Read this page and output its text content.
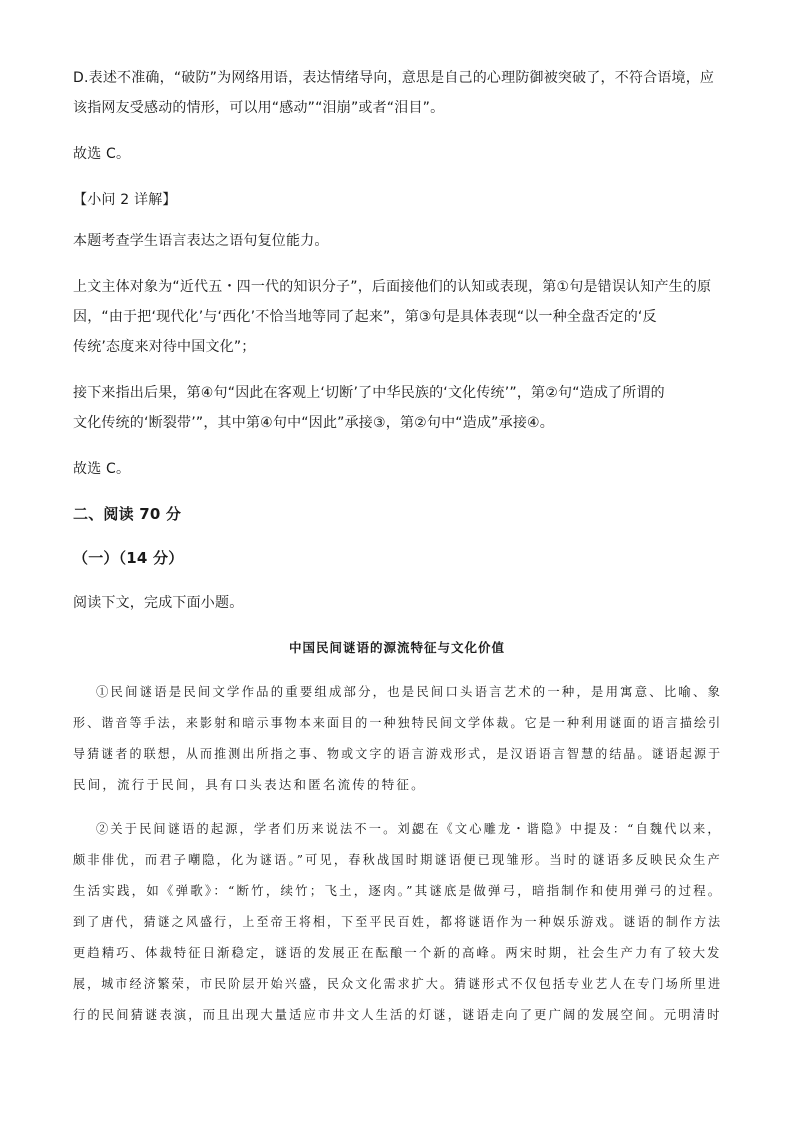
D.表述不准确，“破防”为网络用语，表达情绪导向，意思是自己的心理防御被突破了，不符合语境，应
该指网友受感动的情形，可以用“感动”“泪崩”或者“泪目”。
故选 C。
【小问 2 详解】
本题考查学生语言表达之语句复位能力。
上文主体对象为“近代五・四一代的知识分子”，后面接他们的认知或表现，第①句是错误认知产生的原
因，“由于把‘现代化’与‘西化’不恰当地等同了起来”，第③句是具体表现“以一种全盘否定的‘反
传统’态度来对待中国文化”；
接下来指出后果，第④句“因此在客观上‘切断’了中华民族的‘文化传统’”，第②句“造成了所谓的
文化传统的‘断裂带’”，其中第④句中“因此”承接③，第②句中“造成”承接④。
故选 C。
二、阅读 70 分
（一）（14 分）
阅读下文，完成下面小题。
中国民间谜语的源流特征与文化价值
①民间谜语是民间文学作品的重要组成部分，也是民间口头语言艺术的一种，是用寓意、比喻、象
形、谐音等手法，来影射和暗示事物本来面目的一种独特民间文学体裁。它是一种利用谜面的语言描绘引
导猜谜者的联想，从而推测出所指之事、物或文字的语言游戏形式，是汉语语言智慧的结晶。谜语起源于
民间，流行于民间，具有口头表达和匿名流传的特征。
②关于民间谜语的起源，学者们历来说法不一。刘勰在《文心雕龙・谐隐》中提及：“自魏代以来，
颇非俳优，而君子嘲隐，化为谜语。”可见，春秋战国时期谜语便已现雏形。当时的谜语多反映民众生产
生活实践，如《弹歌》：“断竹，续竹；飞土，逐肉。”其谜底是做弹弓，暗指制作和使用弹弓的过程。
到了唐代，猜谜之风盛行，上至帝王将相，下至平民百姓，都将谜语作为一种娱乐游戏。谜语的制作方法
更趋精巧、体裁特征日渐稳定，谜语的发展正在酝酿一个新的高峰。两宋时期，社会生产力有了较大发
展，城市经济繁荣，市民阶层开始兴盛，民众文化需求扩大。猜谜形式不仅包括专业艺人在专门场所里进
行的民间猜谜表演，而且出现大量适应市井文人生活的灯谜，谜语走向了更广阔的发展空间。元明清时
